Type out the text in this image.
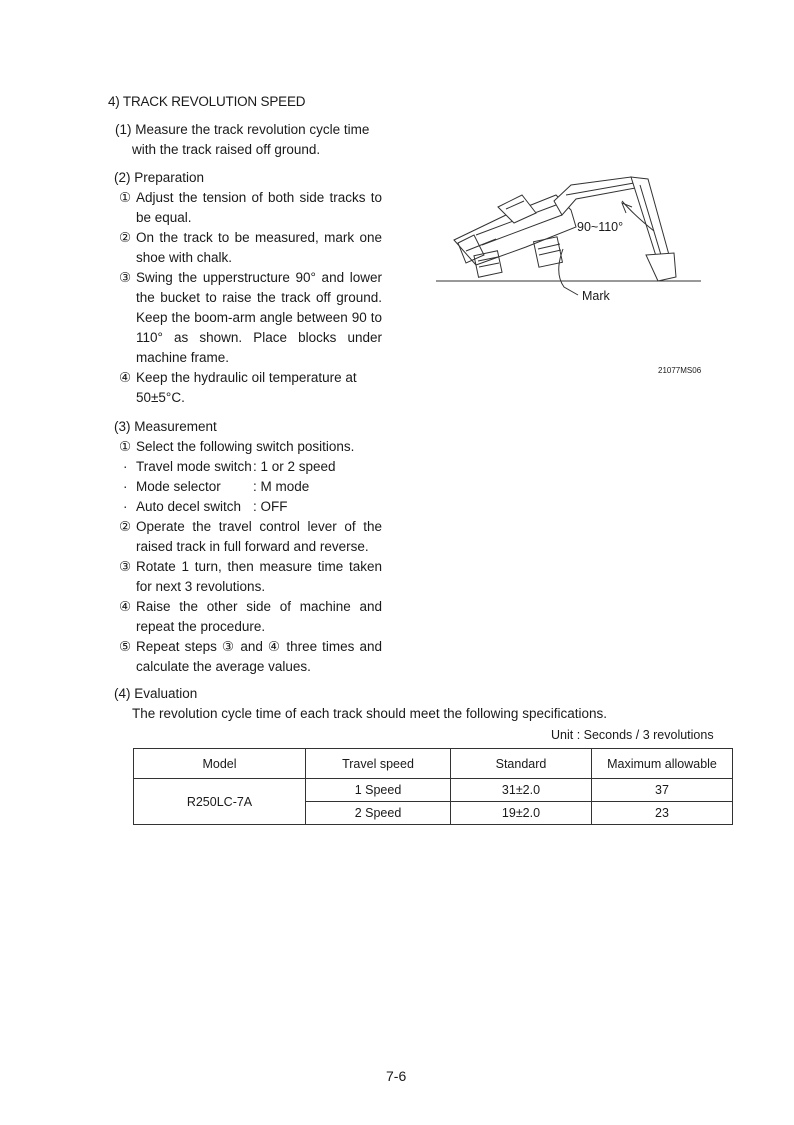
4) TRACK REVOLUTION SPEED
(1) Measure the track revolution cycle time
with the track raised off ground.
(2) Preparation
① Adjust the tension of both side tracks to
be equal.
② On the track to be measured, mark one
shoe with chalk.
③ Swing the upperstructure 90° and lower
the bucket to raise the track off ground.
Keep the boom-arm angle between 90 to
110° as shown. Place blocks under
machine frame.
④ Keep the hydraulic oil temperature at
50±5°C.
90~110°
Mark
21077MS06
(3) Measurement
① Select the following switch positions.
· Travel mode switch : 1 or 2 speed
· Mode selector	: M mode
· Auto decel switch : OFF
② Operate the travel control lever of the
raised track in full forward and reverse.
③ Rotate 1 turn, then measure time taken
for next 3 revolutions.
④ Raise the other side of machine and
repeat the procedure.
⑤ Repeat steps ③ and ④ three times and
calculate the average values.
(4) Evaluation
The revolution cycle time of each track should meet the following specifications.
Unit : Seconds / 3 revolutions
Model	Travel speed	Standard	Maximum allowable
R250LC-7A	1 Speed	31±2.0	37
	2 Speed	19±2.0	23
7-6
